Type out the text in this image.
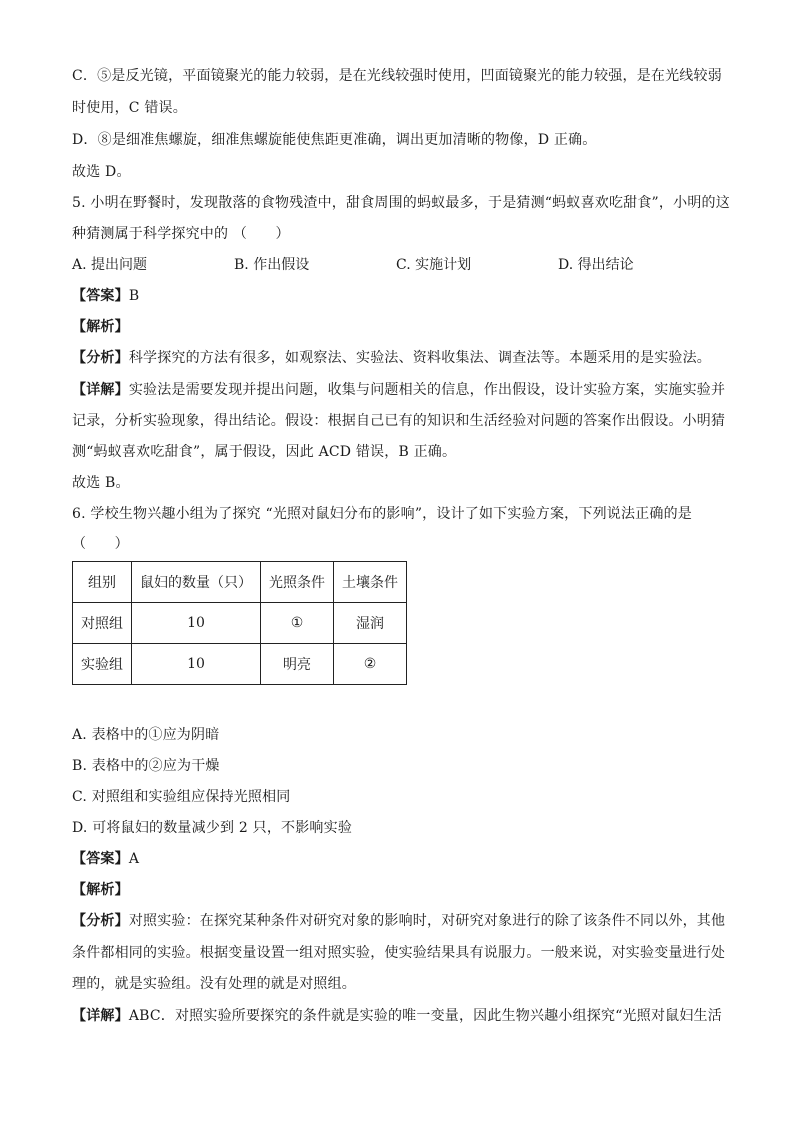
C．⑤是反光镜，平面镜聚光的能力较弱，是在光线较强时使用，凹面镜聚光的能力较强，是在光线较弱
时使用，C 错误。
D．⑧是细准焦螺旋，细准焦螺旋能使焦距更准确，调出更加清晰的物像，D 正确。
故选 D。
5. 小明在野餐时，发现散落的食物残渣中，甜食周围的蚂蚁最多，于是猜测“蚂蚁喜欢吃甜食”，小明的这
种猜测属于科学探究中的 （　　）
A. 提出问题	B. 作出假设	C. 实施计划	D. 得出结论
【答案】B
【解析】
【分析】科学探究的方法有很多，如观察法、实验法、资料收集法、调查法等。本题采用的是实验法。
【详解】实验法是需要发现并提出问题，收集与问题相关的信息，作出假设，设计实验方案，实施实验并
记录，分析实验现象，得出结论。假设：根据自己已有的知识和生活经验对问题的答案作出假设。小明猜
测“蚂蚁喜欢吃甜食”，属于假设，因此 ACD 错误，B 正确。
故选 B。
6. 学校生物兴趣小组为了探究 “光照对鼠妇分布的影响”，设计了如下实验方案，下列说法正确的是
（　　）
组别	鼠妇的数量（只）	光照条件	土壤条件
对照组	10	①	湿润
实验组	10	明亮	②
A. 表格中的①应为阴暗
B. 表格中的②应为干燥
C. 对照组和实验组应保持光照相同
D. 可将鼠妇的数量减少到 2 只，不影响实验
【答案】A
【解析】
【分析】对照实验：在探究某种条件对研究对象的影响时，对研究对象进行的除了该条件不同以外，其他
条件都相同的实验。根据变量设置一组对照实验，使实验结果具有说服力。一般来说，对实验变量进行处
理的，就是实验组。没有处理的就是对照组。
【详解】ABC．对照实验所要探究的条件就是实验的唯一变量，因此生物兴趣小组探究“光照对鼠妇生活
